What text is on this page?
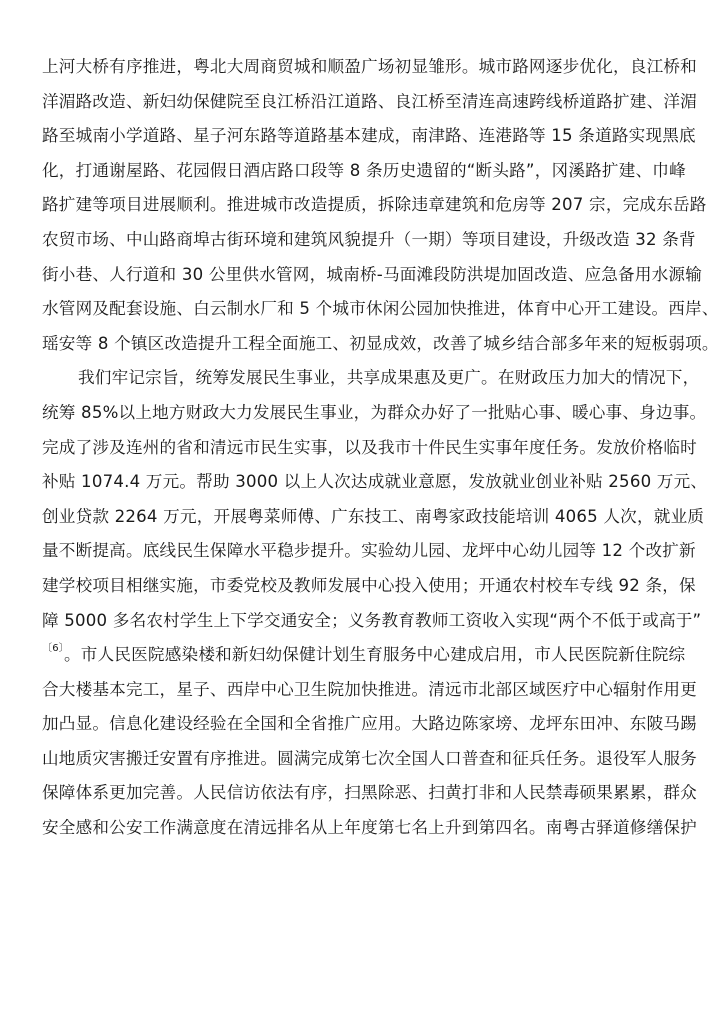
上河大桥有序推进，粤北大周商贸城和顺盈广场初显雏形。城市路网逐步优化，良江桥和
洋湄路改造、新妇幼保健院至良江桥沿江道路、良江桥至清连高速跨线桥道路扩建、洋湄
路至城南小学道路、星子河东路等道路基本建成，南津路、连港路等 15 条道路实现黑底
化，打通谢屋路、花园假日酒店路口段等 8 条历史遗留的“断头路”，冈溪路扩建、巾峰
路扩建等项目进展顺利。推进城市改造提质，拆除违章建筑和危房等 207 宗，完成东岳路
农贸市场、中山路商埠古街环境和建筑风貌提升（一期）等项目建设，升级改造 32 条背
街小巷、人行道和 30 公里供水管网，城南桥-马面滩段防洪堤加固改造、应急备用水源输
水管网及配套设施、白云制水厂和 5 个城市休闲公园加快推进，体育中心开工建设。西岸、
瑶安等 8 个镇区改造提升工程全面施工、初显成效，改善了城乡结合部多年来的短板弱项。
我们牢记宗旨，统筹发展民生事业，共享成果惠及更广。在财政压力加大的情况下，
统筹 85%以上地方财政大力发展民生事业，为群众办好了一批贴心事、暖心事、身边事。
完成了涉及连州的省和清远市民生实事，以及我市十件民生实事年度任务。发放价格临时
补贴 1074.4 万元。帮助 3000 以上人次达成就业意愿，发放就业创业补贴 2560 万元、
创业贷款 2264 万元，开展粤菜师傅、广东技工、南粤家政技能培训 4065 人次，就业质
量不断提高。底线民生保障水平稳步提升。实验幼儿园、龙坪中心幼儿园等 12 个改扩新
建学校项目相继实施，市委党校及教师发展中心投入使用；开通农村校车专线 92 条，保
障 5000 多名农村学生上下学交通安全；义务教育教师工资收入实现“两个不低于或高于”
$^{〔6〕}$。市人民医院感染楼和新妇幼保健计划生育服务中心建成启用，市人民医院新住院综
合大楼基本完工，星子、西岸中心卫生院加快推进。清远市北部区域医疗中心辐射作用更
加凸显。信息化建设经验在全国和全省推广应用。大路边陈家塝、龙坪东田冲、东陂马踢
山地质灾害搬迁安置有序推进。圆满完成第七次全国人口普查和征兵任务。退役军人服务
保障体系更加完善。人民信访依法有序，扫黑除恶、扫黄打非和人民禁毒硕果累累，群众
安全感和公安工作满意度在清远排名从上年度第七名上升到第四名。南粤古驿道修缮保护
